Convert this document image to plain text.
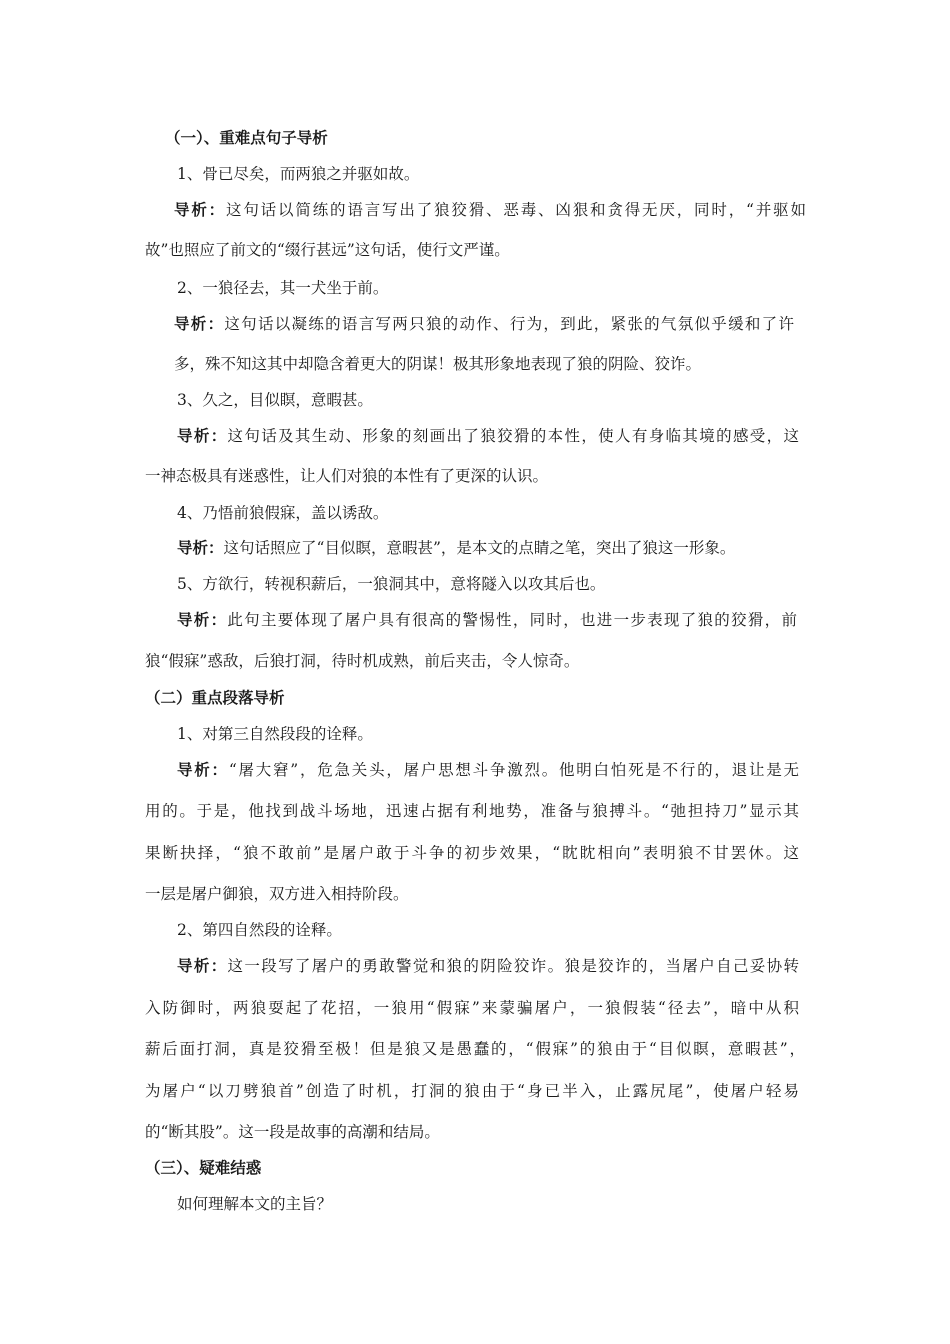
（一）、重难点句子导析
1、骨已尽矣，而两狼之并驱如故。
导析：这句话以简练的语言写出了狼狡猾、恶毒、凶狠和贪得无厌，同时，“并驱如
故”也照应了前文的“缀行甚远”这句话，使行文严谨。
2、一狼径去，其一犬坐于前。
导析：这句话以凝练的语言写两只狼的动作、行为，到此，紧张的气氛似乎缓和了许
多，殊不知这其中却隐含着更大的阴谋！极其形象地表现了狼的阴险、狡诈。
3、久之，目似瞑，意暇甚。
导析：这句话及其生动、形象的刻画出了狼狡猾的本性，使人有身临其境的感受，这
一神态极具有迷惑性，让人们对狼的本性有了更深的认识。
4、乃悟前狼假寐，盖以诱敌。
导析：这句话照应了“目似瞑，意暇甚”，是本文的点睛之笔，突出了狼这一形象。
5、方欲行，转视积薪后，一狼洞其中，意将隧入以攻其后也。
导析：此句主要体现了屠户具有很高的警惕性，同时，也进一步表现了狼的狡猾，前
狼“假寐”惑敌，后狼打洞，待时机成熟，前后夹击，令人惊奇。
（二）重点段落导析
1、对第三自然段段的诠释。
导析：“屠大窘”，危急关头，屠户思想斗争激烈。他明白怕死是不行的，退让是无
用的。于是，他找到战斗场地，迅速占据有利地势，准备与狼搏斗。“弛担持刀”显示其
果断抉择，“狼不敢前”是屠户敢于斗争的初步效果，“眈眈相向”表明狼不甘罢休。这
一层是屠户御狼，双方进入相持阶段。
2、第四自然段的诠释。
导析：这一段写了屠户的勇敢警觉和狼的阴险狡诈。狼是狡诈的，当屠户自己妥协转
入防御时，两狼耍起了花招，一狼用“假寐”来蒙骗屠户，一狼假装“径去”，暗中从积
薪后面打洞，真是狡猾至极！但是狼又是愚蠢的，“假寐”的狼由于“目似瞑，意暇甚”，
为屠户“以刀劈狼首”创造了时机，打洞的狼由于“身已半入，止露尻尾”，使屠户轻易
的“断其股”。这一段是故事的高潮和结局。
（三）、疑难结惑
如何理解本文的主旨？
